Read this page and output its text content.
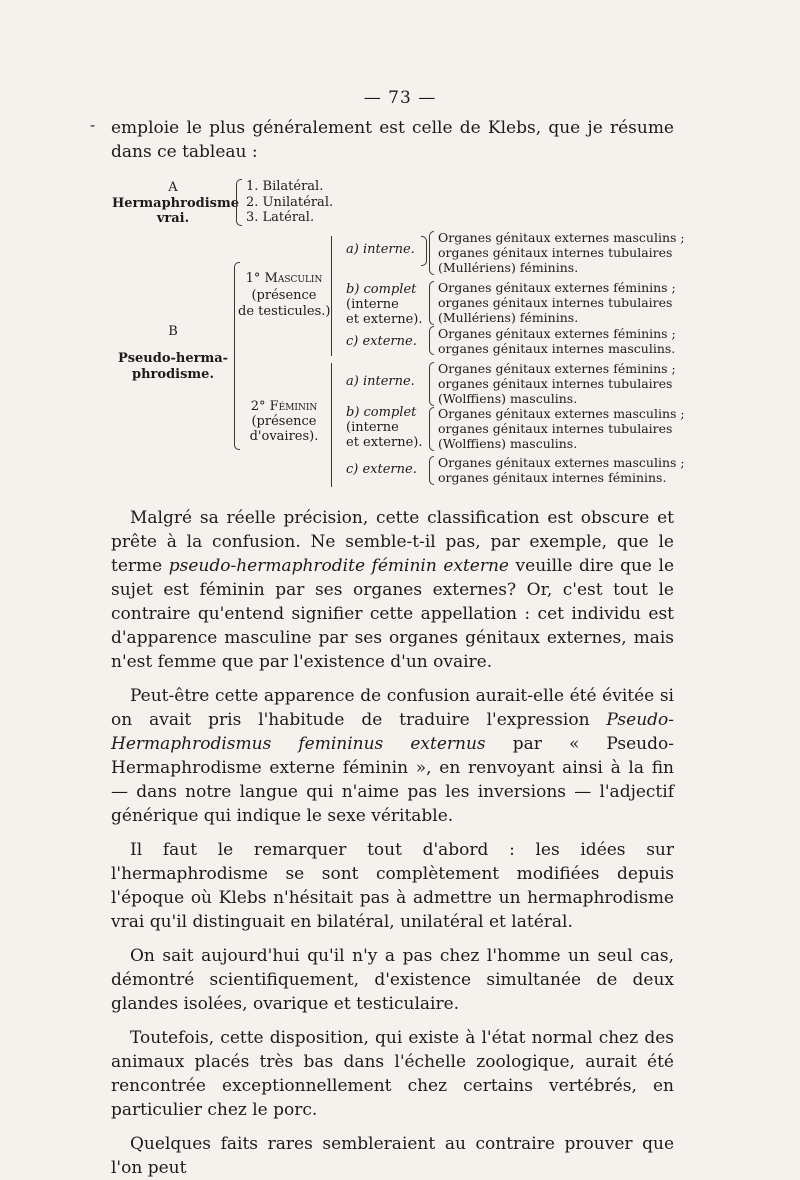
— 73 —
- emploie le plus généralement est celle de Klebs, que je résume dans ce tableau :

A
Hermaphrodisme
vrai.
1. Bilatéral.
2. Unilatéral.
3. Latéral.
B
Pseudo-herma-
phrodisme.
1° Masculin
(présence
de testicules.)
2° Féminin
(présence
d'ovaires).
a) interne.
b) complet
(interne
et externe).
c) externe.
a) interne.
b) complet
(interne
et externe).
c) externe.
Organes génitaux externes masculins ;
organes génitaux internes tubulaires
(Mullériens) féminins.
Organes génitaux externes féminins ;
organes génitaux internes tubulaires
(Mullériens) féminins.
Organes génitaux externes féminins ;
organes génitaux internes masculins.
Organes génitaux externes féminins ;
organes génitaux internes tubulaires
(Wolffiens) masculins.
Organes génitaux externes masculins ;
organes génitaux internes tubulaires
(Wolffiens) masculins.
Organes génitaux externes masculins ;
organes génitaux internes féminins.

Malgré sa réelle précision, cette classification est obscure et prête à la confusion. Ne semble-t-il pas, par exemple, que le terme pseudo-hermaphrodite féminin externe veuille dire que le sujet est féminin par ses organes externes? Or, c'est tout le contraire qu'entend signifier cette appellation : cet individu est d'apparence masculine par ses organes génitaux externes, mais n'est femme que par l'existence d'un ovaire.

Peut-être cette apparence de confusion aurait-elle été évitée si on avait pris l'habitude de traduire l'expression Pseudo-Hermaphrodismus femininus externus par « Pseudo-Hermaphrodisme externe féminin », en renvoyant ainsi à la fin — dans notre langue qui n'aime pas les inversions — l'adjectif générique qui indique le sexe véritable.

Il faut le remarquer tout d'abord : les idées sur l'hermaphrodisme se sont complètement modifiées depuis l'époque où Klebs n'hésitait pas à admettre un hermaphrodisme vrai qu'il distinguait en bilatéral, unilatéral et latéral.

On sait aujourd'hui qu'il n'y a pas chez l'homme un seul cas, démontré scientifiquement, d'existence simultanée de deux glandes isolées, ovarique et testiculaire.

Toutefois, cette disposition, qui existe à l'état normal chez des animaux placés très bas dans l'échelle zoologique, aurait été rencontrée exceptionnellement chez certains vertébrés, en particulier chez le porc.

Quelques faits rares sembleraient au contraire prouver que l'on peut
